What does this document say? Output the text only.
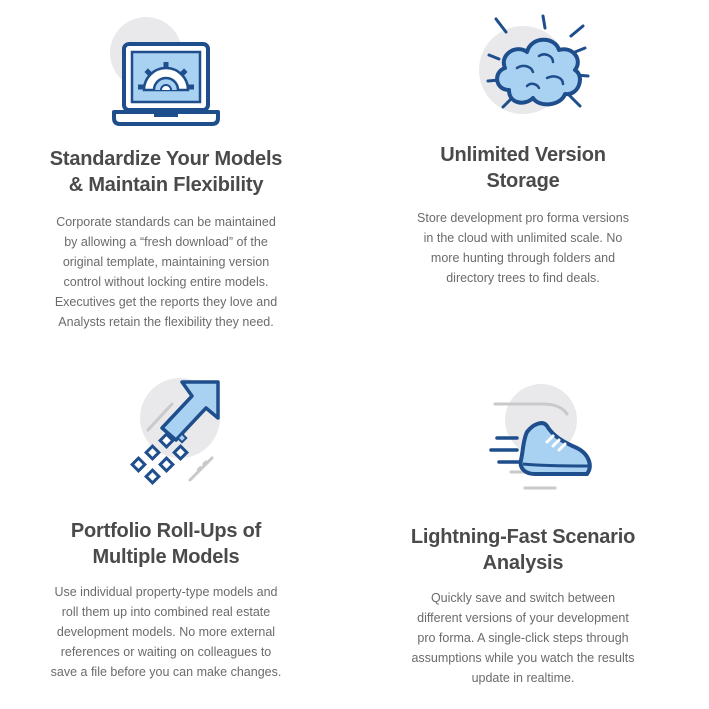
Standardize Your Models
& Maintain Flexibility
Corporate standards can be maintained
by allowing a “fresh download” of the
original template, maintaining version
control without locking entire models.
Executives get the reports they love and
Analysts retain the flexibility they need.
Unlimited Version
Storage
Store development pro forma versions
in the cloud with unlimited scale. No
more hunting through folders and
directory trees to find deals.
Portfolio Roll-Ups of
Multiple Models
Use individual property-type models and
roll them up into combined real estate
development models. No more external
references or waiting on colleagues to
save a file before you can make changes.
Lightning-Fast Scenario
Analysis
Quickly save and switch between
different versions of your development
pro forma. A single-click steps through
assumptions while you watch the results
update in realtime.
